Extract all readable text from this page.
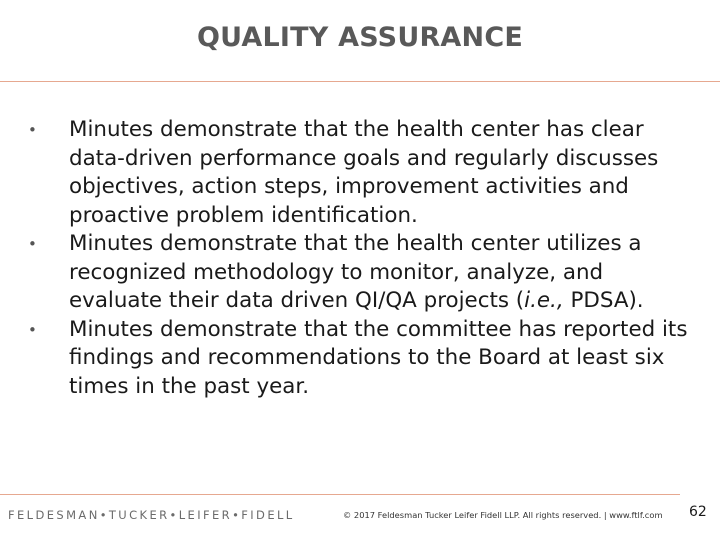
QUALITY ASSURANCE
• Minutes demonstrate that the health center has clear data-driven performance goals and regularly discusses objectives, action steps, improvement activities and proactive problem identification.
• Minutes demonstrate that the health center utilizes a recognized methodology to monitor, analyze, and evaluate their data driven QI/QA projects (i.e., PDSA).
• Minutes demonstrate that the committee has reported its findings and recommendations to the Board at least six times in the past year.
FELDESMAN•TUCKER•LEIFER•FIDELL	© 2017 Feldesman Tucker Leifer Fidell LLP. All rights reserved. | www.ftlf.com 62
